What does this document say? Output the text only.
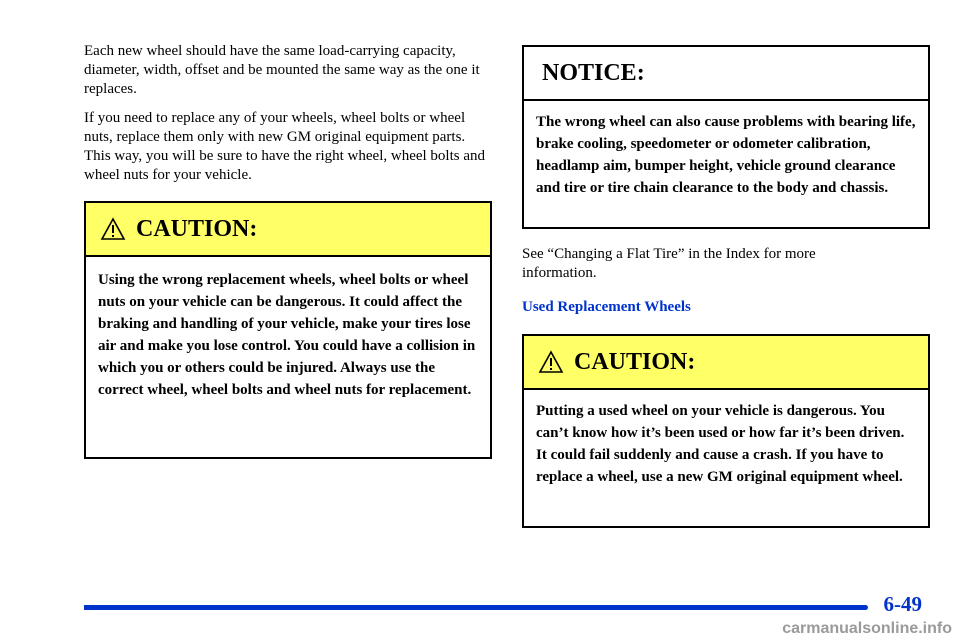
Each new wheel should have the same load-carrying capacity, diameter, width, offset and be mounted the same way as the one it replaces.

If you need to replace any of your wheels, wheel bolts or wheel nuts, replace them only with new GM original equipment parts. This way, you will be sure to have the right wheel, wheel bolts and wheel nuts for your vehicle.

CAUTION:
Using the wrong replacement wheels, wheel bolts or wheel nuts on your vehicle can be dangerous. It could affect the braking and handling of your vehicle, make your tires lose air and make you lose control. You could have a collision in which you or others could be injured. Always use the correct wheel, wheel bolts and wheel nuts for replacement.
NOTICE:
The wrong wheel can also cause problems with bearing life, brake cooling, speedometer or odometer calibration, headlamp aim, bumper height, vehicle ground clearance and tire or tire chain clearance to the body and chassis.

See “Changing a Flat Tire” in the Index for more information.

Used Replacement Wheels

CAUTION:
Putting a used wheel on your vehicle is dangerous. You can’t know how it’s been used or how far it’s been driven. It could fail suddenly and cause a crash. If you have to replace a wheel, use a new GM original equipment wheel.
6-49
carmanualsonline.info
